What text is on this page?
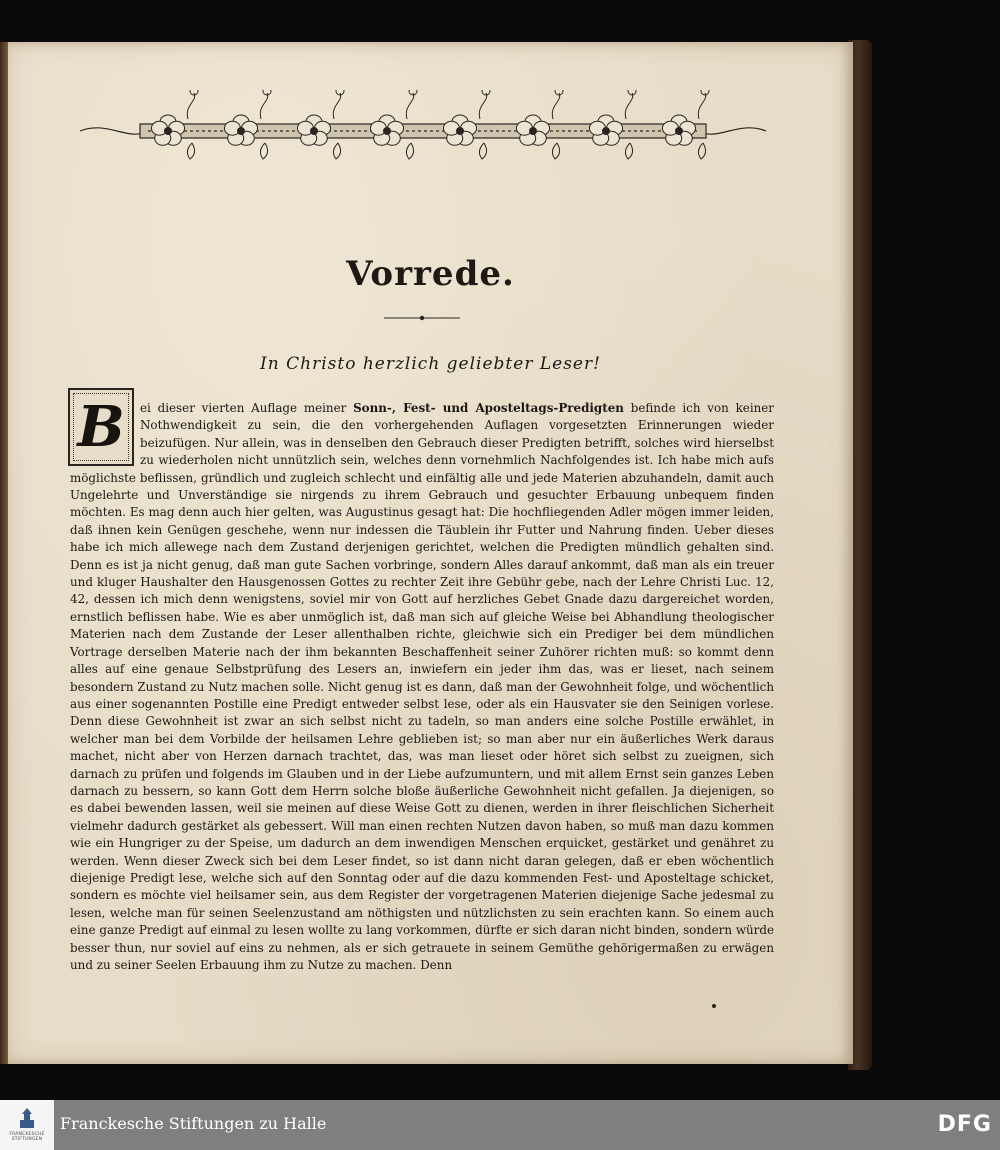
Vorrede.
In Christo herzlich geliebter Leser!
B	ei dieser vierten Auflage meiner Sonn-, Fest- und Aposteltags-Predigten befinde ich von keiner Nothwendigkeit zu sein, die den vorhergehenden Auflagen vorgesetzten Erinnerungen wieder beizufügen. Nur allein, was in denselben den Gebrauch dieser Predigten betrifft, solches wird hierselbst zu wiederholen nicht unnützlich sein, welches denn vornehmlich Nachfolgendes ist. Ich habe mich aufs möglichste beflissen, gründlich und zugleich schlecht und einfältig alle und jede Materien abzuhandeln, damit auch Ungelehrte und Unverständige sie nirgends zu ihrem Gebrauch und gesuchter Erbauung unbequem finden möchten. Es mag denn auch hier gelten, was Augustinus gesagt hat: Die hochfliegenden Adler mögen immer leiden, daß ihnen kein Genügen geschehe, wenn nur indessen die Täublein ihr Futter und Nahrung finden. Ueber dieses habe ich mich allewege nach dem Zustand derjenigen gerichtet, welchen die Predigten mündlich gehalten sind. Denn es ist ja nicht genug, daß man gute Sachen vorbringe, sondern Alles darauf ankommt, daß man als ein treuer und kluger Haushalter den Hausgenossen Gottes zu rechter Zeit ihre Gebühr gebe, nach der Lehre Christi Luc. 12, 42, dessen ich mich denn wenigstens, soviel mir von Gott auf herzliches Gebet Gnade dazu dargereichet worden, ernstlich beflissen habe. Wie es aber unmöglich ist, daß man sich auf gleiche Weise bei Abhandlung theologischer Materien nach dem Zustande der Leser allenthalben richte, gleichwie sich ein Prediger bei dem mündlichen Vortrage derselben Materie nach der ihm bekannten Beschaffenheit seiner Zuhörer richten muß: so kommt denn alles auf eine genaue Selbstprüfung des Lesers an, inwiefern ein jeder ihm das, was er lieset, nach seinem besondern Zustand zu Nutz machen solle. Nicht genug ist es dann, daß man der Gewohnheit folge, und wöchentlich aus einer sogenannten Postille eine Predigt entweder selbst lese, oder als ein Hausvater sie den Seinigen vorlese. Denn diese Gewohnheit ist zwar an sich selbst nicht zu tadeln, so man anders eine solche Postille erwählet, in welcher man bei dem Vorbilde der heilsamen Lehre geblieben ist; so man aber nur ein äußerliches Werk daraus machet, nicht aber von Herzen darnach trachtet, das, was man lieset oder höret sich selbst zu zueignen, sich darnach zu prüfen und folgends im Glauben und in der Liebe aufzumuntern, und mit allem Ernst sein ganzes Leben darnach zu bessern, so kann Gott dem Herrn solche bloße äußerliche Gewohnheit nicht gefallen. Ja diejenigen, so es dabei bewenden lassen, weil sie meinen auf diese Weise Gott zu dienen, werden in ihrer fleischlichen Sicherheit vielmehr dadurch gestärket als gebessert. Will man einen rechten Nutzen davon haben, so muß man dazu kommen wie ein Hungriger zu der Speise, um dadurch an dem inwendigen Menschen erquicket, gestärket und genähret zu werden. Wenn dieser Zweck sich bei dem Leser findet, so ist dann nicht daran gelegen, daß er eben wöchentlich diejenige Predigt lese, welche sich auf den Sonntag oder auf die dazu kommenden Fest- und Aposteltage schicket, sondern es möchte viel heilsamer sein, aus dem Register der vorgetragenen Materien diejenige Sache jedesmal zu lesen, welche man für seinen Seelenzustand am nöthigsten und nützlichsten zu sein erachten kann. So einem auch eine ganze Predigt auf einmal zu lesen wollte zu lang vorkommen, dürfte er sich daran nicht binden, sondern würde besser thun, nur soviel auf eins zu nehmen, als er sich getrauete in seinem Gemüthe gehörigermaßen zu erwägen und zu seiner Seelen Erbauung ihm zu Nutze zu machen. Denn
FRANCKESCHE
STIFTUNGEN
Franckesche Stiftungen zu Halle	DFG
